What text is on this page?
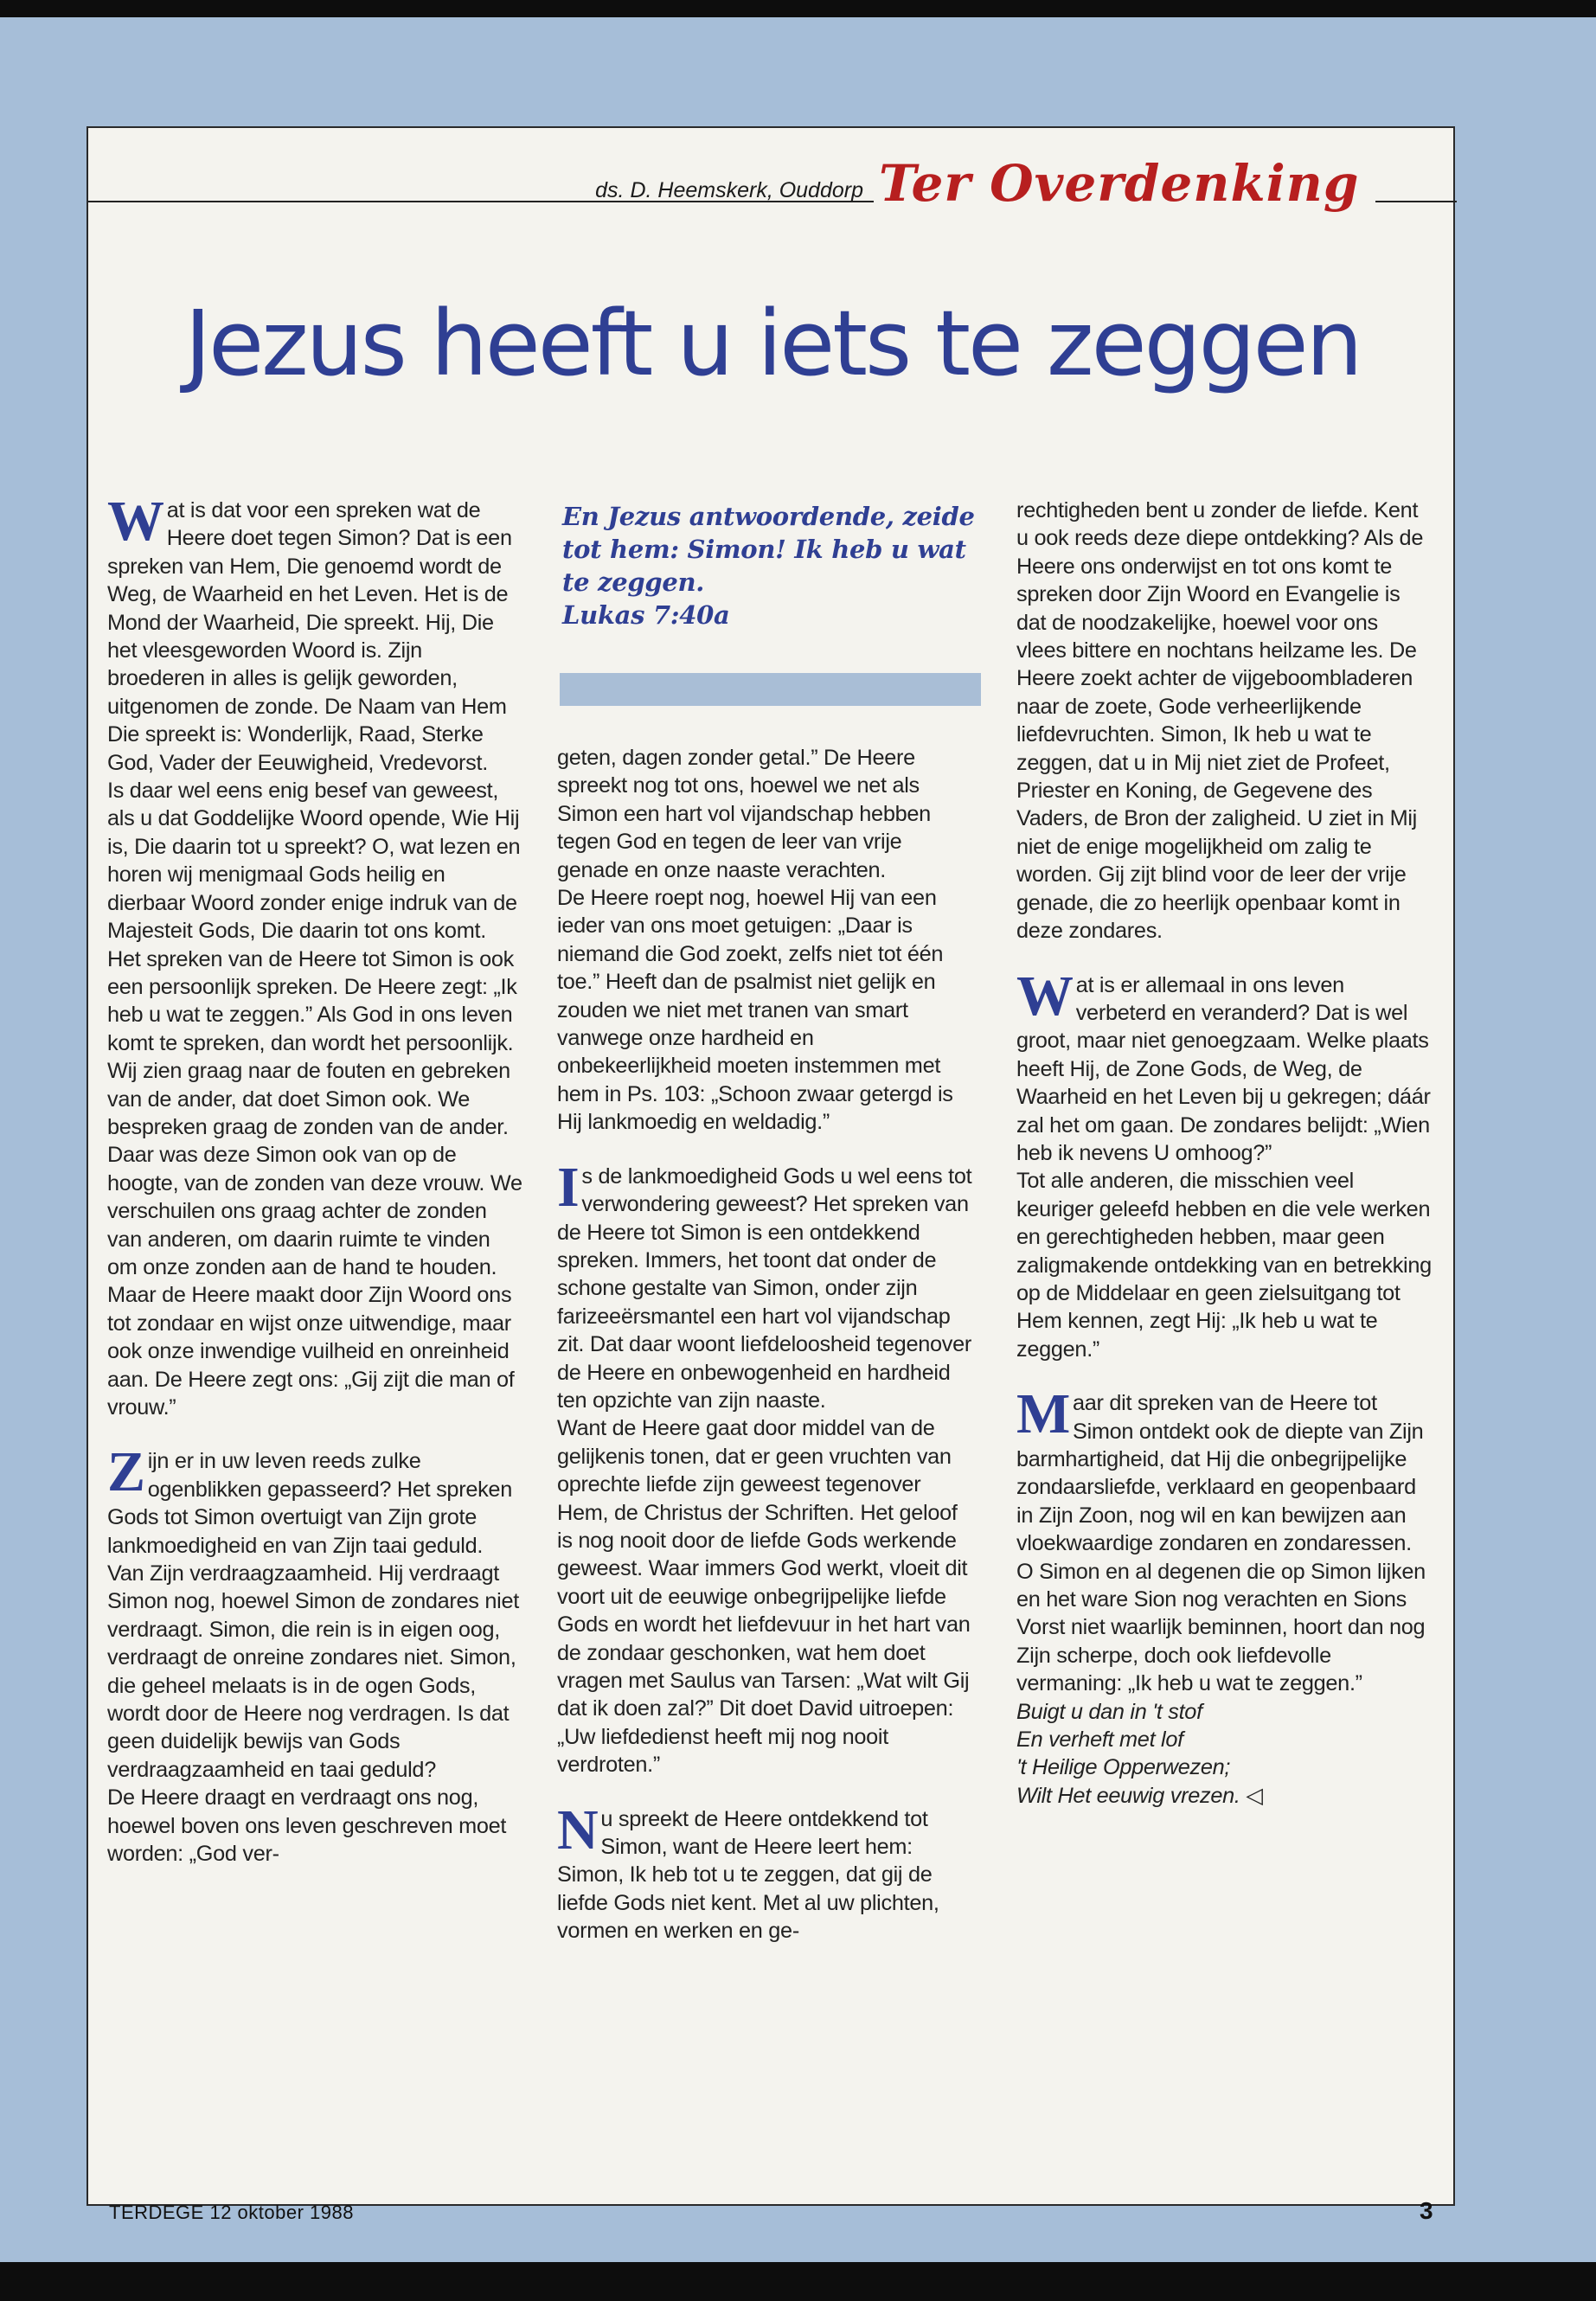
ds. D. Heemskerk, Ouddorp Ter Overdenking
Jezus heeft u iets te zeggen

Wat is dat voor een spreken wat de Heere doet tegen Simon? Dat is een spreken van Hem, Die genoemd wordt de Weg, de Waarheid en het Leven. Het is de Mond der Waarheid, Die spreekt. Hij, Die het vleesgeworden Woord is. Zijn broederen in alles is gelijk geworden, uitgenomen de zonde. De Naam van Hem Die spreekt is: Wonderlijk, Raad, Sterke God, Vader der Eeuwigheid, Vredevorst.

Is daar wel eens enig besef van geweest, als u dat Goddelijke Woord opende, Wie Hij is, Die daarin tot u spreekt? O, wat lezen en horen wij menigmaal Gods heilig en dierbaar Woord zonder enige indruk van de Majesteit Gods, Die daarin tot ons komt.

Het spreken van de Heere tot Simon is ook een persoonlijk spreken. De Heere zegt: „Ik heb u wat te zeggen.” Als God in ons leven komt te spreken, dan wordt het persoonlijk. Wij zien graag naar de fouten en gebreken van de ander, dat doet Simon ook. We bespreken graag de zonden van de ander. Daar was deze Simon ook van op de hoogte, van de zonden van deze vrouw. We verschuilen ons graag achter de zonden van anderen, om daarin ruimte te vinden om onze zonden aan de hand te houden. Maar de Heere maakt door Zijn Woord ons tot zondaar en wijst onze uitwendige, maar ook onze inwendige vuilheid en onreinheid aan. De Heere zegt ons: „Gij zijt die man of vrouw.”

Zijn er in uw leven reeds zulke ogenblikken gepasseerd? Het spreken Gods tot Simon overtuigt van Zijn grote lankmoedigheid en van Zijn taai geduld. Van Zijn verdraagzaamheid. Hij verdraagt Simon nog, hoewel Simon de zondares niet verdraagt. Simon, die rein is in eigen oog, verdraagt de onreine zondares niet. Simon, die geheel melaats is in de ogen Gods, wordt door de Heere nog verdragen. Is dat geen duidelijk bewijs van Gods verdraagzaamheid en taai geduld?

De Heere draagt en verdraagt ons nog, hoewel boven ons leven geschreven moet worden: „God ver-

En Jezus antwoordende, zeide tot hem: Simon! Ik heb u wat te zeggen.
Lukas 7:40a

geten, dagen zonder getal.” De Heere spreekt nog tot ons, hoewel we net als Simon een hart vol vijandschap hebben tegen God en tegen de leer van vrije genade en onze naaste verachten.

De Heere roept nog, hoewel Hij van een ieder van ons moet getuigen: „Daar is niemand die God zoekt, zelfs niet tot één toe.” Heeft dan de psalmist niet gelijk en zouden we niet met tranen van smart vanwege onze hardheid en onbekeerlijkheid moeten instemmen met hem in Ps. 103: „Schoon zwaar getergd is Hij lankmoedig en weldadig.”

Is de lankmoedigheid Gods u wel eens tot verwondering geweest? Het spreken van de Heere tot Simon is een ontdekkend spreken. Immers, het toont dat onder de schone gestalte van Simon, onder zijn farizeeërsmantel een hart vol vijandschap zit. Dat daar woont liefdeloosheid tegenover de Heere en onbewogenheid en hardheid ten opzichte van zijn naaste.

Want de Heere gaat door middel van de gelijkenis tonen, dat er geen vruchten van oprechte liefde zijn geweest tegenover Hem, de Christus der Schriften. Het geloof is nog nooit door de liefde Gods werkende geweest. Waar immers God werkt, vloeit dit voort uit de eeuwige onbegrijpelijke liefde Gods en wordt het liefdevuur in het hart van de zondaar geschonken, wat hem doet vragen met Saulus van Tarsen: „Wat wilt Gij dat ik doen zal?” Dit doet David uitroepen: „Uw liefdedienst heeft mij nog nooit verdroten.”

Nu spreekt de Heere ontdekkend tot Simon, want de Heere leert hem: Simon, Ik heb tot u te zeggen, dat gij de liefde Gods niet kent. Met al uw plichten, vormen en werken en ge-

rechtigheden bent u zonder de liefde. Kent u ook reeds deze diepe ontdekking? Als de Heere ons onderwijst en tot ons komt te spreken door Zijn Woord en Evangelie is dat de noodzakelijke, hoewel voor ons vlees bittere en nochtans heilzame les. De Heere zoekt achter de vijgeboombladeren naar de zoete, Gode verheerlijkende liefdevruchten. Simon, Ik heb u wat te zeggen, dat u in Mij niet ziet de Profeet, Priester en Koning, de Gegevene des Vaders, de Bron der zaligheid. U ziet in Mij niet de enige mogelijkheid om zalig te worden. Gij zijt blind voor de leer der vrije genade, die zo heerlijk openbaar komt in deze zondares.

Wat is er allemaal in ons leven verbeterd en veranderd? Dat is wel groot, maar niet genoegzaam. Welke plaats heeft Hij, de Zone Gods, de Weg, de Waarheid en het Leven bij u gekregen; dáár zal het om gaan. De zondares belijdt: „Wien heb ik nevens U omhoog?”

Tot alle anderen, die misschien veel keuriger geleefd hebben en die vele werken en gerechtigheden hebben, maar geen zaligmakende ontdekking van en betrekking op de Middelaar en geen zielsuitgang tot Hem kennen, zegt Hij: „Ik heb u wat te zeggen.”

Maar dit spreken van de Heere tot Simon ontdekt ook de diepte van Zijn barmhartigheid, dat Hij die onbegrijpelijke zondaarsliefde, verklaard en geopenbaard in Zijn Zoon, nog wil en kan bewijzen aan vloekwaardige zondaren en zondaressen. O Simon en al degenen die op Simon lijken en het ware Sion nog verachten en Sions Vorst niet waarlijk beminnen, hoort dan nog Zijn scherpe, doch ook liefdevolle vermaning: „Ik heb u wat te zeggen.”

Buigt u dan in 't stof

En verheft met lof

't Heilige Opperwezen;

Wilt Het eeuwig vrezen. ◁

TERDEGE 12 oktober 1988	3
